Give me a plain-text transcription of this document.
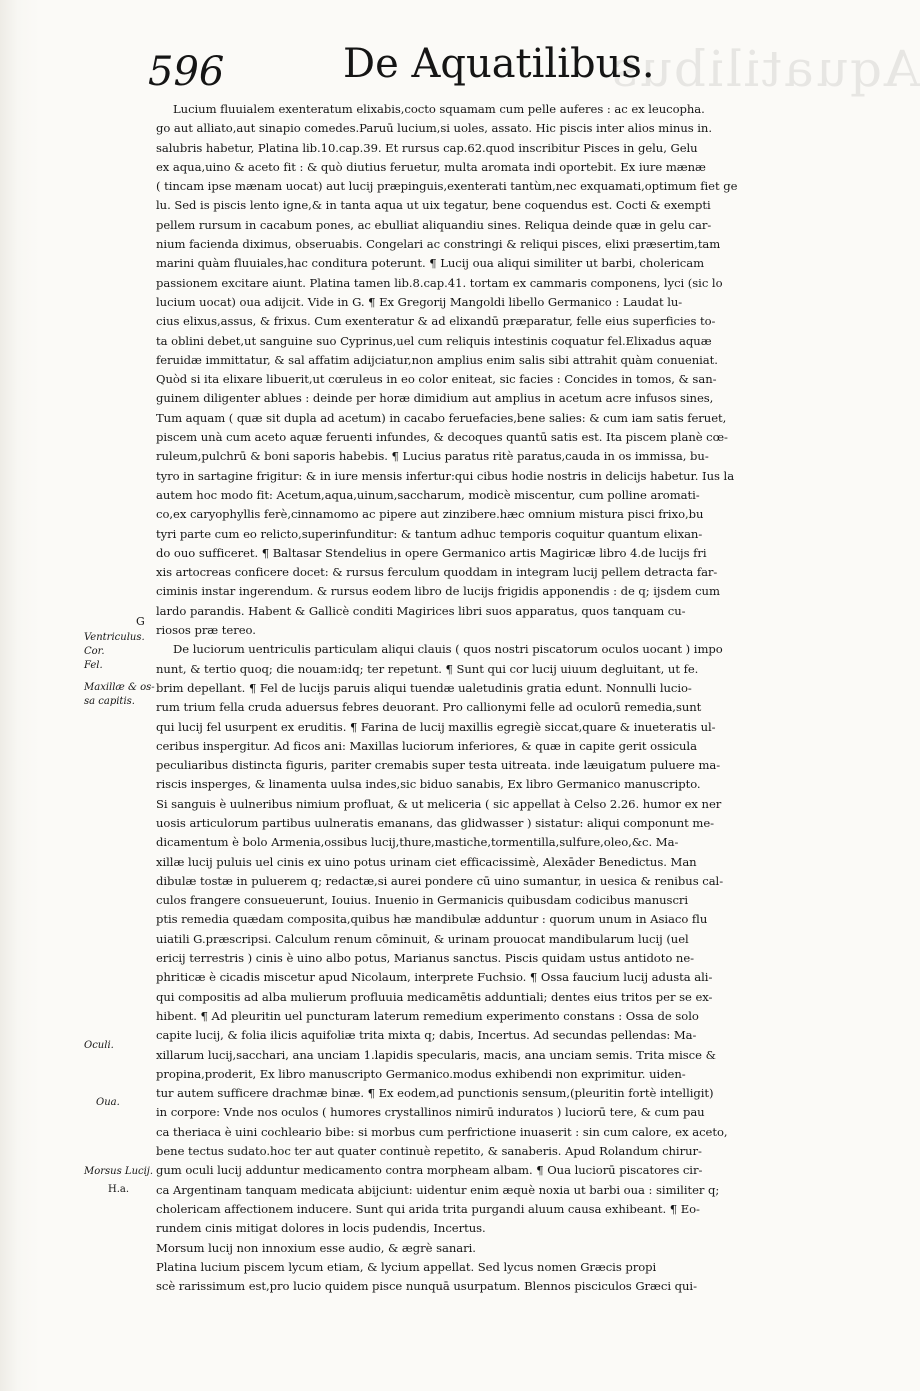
Aquatilibus
596	De Aquatilibus.
G
Ventriculus.
Cor.
Fel.
Maxillæ & os-
sa capitis.
Oculi.
Oua.
Morsus Lucij.
H.a.
Lucium fluuialem exenteratum elixabis,cocto squamam cum pelle auferes : ac ex leucopha.
go aut alliato,aut sinapio comedes.Paruū lucium,si uoles, assato. Hic piscis inter alios minus in.
salubris habetur, Platina lib.10.cap.39. Et rursus cap.62.quod inscribitur Pisces in gelu, Gelu
ex aqua,uino & aceto fit : & quò diutius feruetur, multa aromata indi oportebit. Ex iure mænæ
( tincam ipse mænam uocat) aut lucij præpinguis,exenterati tantùm,nec exquamati,optimum fiet ge
lu. Sed is piscis lento igne,& in tanta aqua ut uix tegatur, bene coquendus est. Cocti & exempti
pellem rursum in cacabum pones, ac ebulliat aliquandiu sines. Reliqua deinde quæ in gelu car-
nium facienda diximus, obseruabis. Congelari ac constringi & reliqui pisces, elixi præsertim,tam
marini quàm fluuiales,hac conditura poterunt. ¶ Lucij oua aliqui similiter ut barbi, cholericam
passionem excitare aiunt. Platina tamen lib.8.cap.41. tortam ex cammaris componens, lyci (sic lo
lucium uocat) oua adijcit. Vide in G. ¶ Ex Gregorij Mangoldi libello Germanico : Laudat lu-
cius elixus,assus, & frixus. Cum exenteratur & ad elixandū præparatur, felle eius superficies to-
ta oblini debet,ut sanguine suo Cyprinus,uel cum reliquis intestinis coquatur fel.Elixadus aquæ
feruidæ immittatur, & sal affatim adijciatur,non amplius enim salis sibi attrahit quàm conueniat.
Quòd si ita elixare libuerit,ut cœruleus in eo color eniteat, sic facies : Concides in tomos, & san-
guinem diligenter ablues : deinde per horæ dimidium aut amplius in acetum acre infusos sines,
Tum aquam ( quæ sit dupla ad acetum) in cacabo feruefacies,bene salies: & cum iam satis feruet,
piscem unà cum aceto aquæ feruenti infundes, & decoques quantū satis est. Ita piscem planè cœ-
ruleum,pulchrū & boni saporis habebis. ¶ Lucius paratus ritè paratus,cauda in os immissa, bu-
tyro in sartagine frigitur: & in iure mensis infertur:qui cibus hodie nostris in delicijs habetur. Ius la
autem hoc modo fit: Acetum,aqua,uinum,saccharum, modicè miscentur, cum polline aromati-
co,ex caryophyllis ferè,cinnamomo ac pipere aut zinzibere.hæc omnium mistura pisci frixo,bu
tyri parte cum eo relicto,superinfunditur: & tantum adhuc temporis coquitur quantum elixan-
do ouo sufficeret. ¶ Baltasar Stendelius in opere Germanico artis Magiricæ libro 4.de lucijs fri
xis artocreas conficere docet: & rursus ferculum quoddam in integram lucij pellem detracta far-
ciminis instar ingerendum. & rursus eodem libro de lucijs frigidis apponendis : de q; ijsdem cum
lardo parandis. Habent & Gallicè conditi Magirices libri suos apparatus, quos tanquam cu-
riosos præ tereo.
De luciorum uentriculis particulam aliqui clauis ( quos nostri piscatorum oculos uocant ) impo
nunt, & tertio quoq; die nouam:idq; ter repetunt. ¶ Sunt qui cor lucij uiuum degluitant, ut fe.
brim depellant. ¶ Fel de lucijs paruis aliqui tuendæ ualetudinis gratia edunt. Nonnulli lucio-
rum trium fella cruda aduersus febres deuorant. Pro callionymi felle ad oculorū remedia,sunt
qui lucij fel usurpent ex eruditis. ¶ Farina de lucij maxillis egregiè siccat,quare & inueteratis ul-
ceribus inspergitur. Ad ficos ani: Maxillas luciorum inferiores, & quæ in capite gerit ossicula
peculiaribus distincta figuris, pariter cremabis super testa uitreata. inde læuigatum puluere ma-
riscis insperges, & linamenta uulsa indes,sic biduo sanabis, Ex libro Germanico manuscripto.
Si sanguis è uulneribus nimium profluat, & ut meliceria ( sic appellat à Celso 2.26. humor ex ner
uosis articulorum partibus uulneratis emanans, das glidwasser ) sistatur: aliqui componunt me-
dicamentum è bolo Armenia,ossibus lucij,thure,mastiche,tormentilla,sulfure,oleo,&c. Ma-
xillæ lucij puluis uel cinis ex uino potus urinam ciet efficacissimè, Alexāder Benedictus. Man
dibulæ tostæ in puluerem q; redactæ,si aurei pondere cū uino sumantur, in uesica & renibus cal-
culos frangere consueuerunt, Iouius. Inuenio in Germanicis quibusdam codicibus manuscri
ptis remedia quædam composita,quibus hæ mandibulæ adduntur : quorum unum in Asiaco flu
uiatili G.præscripsi. Calculum renum cōminuit, & urinam prouocat mandibularum lucij (uel
ericij terrestris ) cinis è uino albo potus, Marianus sanctus. Piscis quidam ustus antidoto ne-
phriticæ è cicadis miscetur apud Nicolaum, interprete Fuchsio. ¶ Ossa faucium lucij adusta ali-
qui compositis ad alba mulierum profluuia medicamētis adduntiali; dentes eius tritos per se ex-
hibent. ¶ Ad pleuritin uel puncturam laterum remedium experimento constans : Ossa de solo
capite lucij, & folia ilicis aquifoliæ trita mixta q; dabis, Incertus. Ad secundas pellendas: Ma-
xillarum lucij,sacchari, ana unciam 1.lapidis specularis, macis, ana unciam semis. Trita misce &
propina,proderit, Ex libro manuscripto Germanico.modus exhibendi non exprimitur. uiden-
tur autem sufficere drachmæ binæ. ¶ Ex eodem,ad punctionis sensum,(pleuritin fortè intelligit)
in corpore: Vnde nos oculos ( humores crystallinos nimirū induratos ) luciorū tere, & cum pau
ca theriaca è uini cochleario bibe: si morbus cum perfrictione inuaserit : sin cum calore, ex aceto,
bene tectus sudato.hoc ter aut quater continuè repetito, & sanaberis. Apud Rolandum chirur-
gum oculi lucij adduntur medicamento contra morpheam albam. ¶ Oua luciorū piscatores cir-
ca Argentinam tanquam medicata abijciunt: uidentur enim æquè noxia ut barbi oua : similiter q;
cholericam affectionem inducere. Sunt qui arida trita purgandi aluum causa exhibeant. ¶ Eo-
rundem cinis mitigat dolores in locis pudendis, Incertus.
Morsum lucij non innoxium esse audio, & ægrè sanari.
Platina lucium piscem lycum etiam, & lycium appellat. Sed lycus nomen Græcis propi
scè rarissimum est,pro lucio quidem pisce nunquā usurpatum. Blennos pisciculos Græci qui-
